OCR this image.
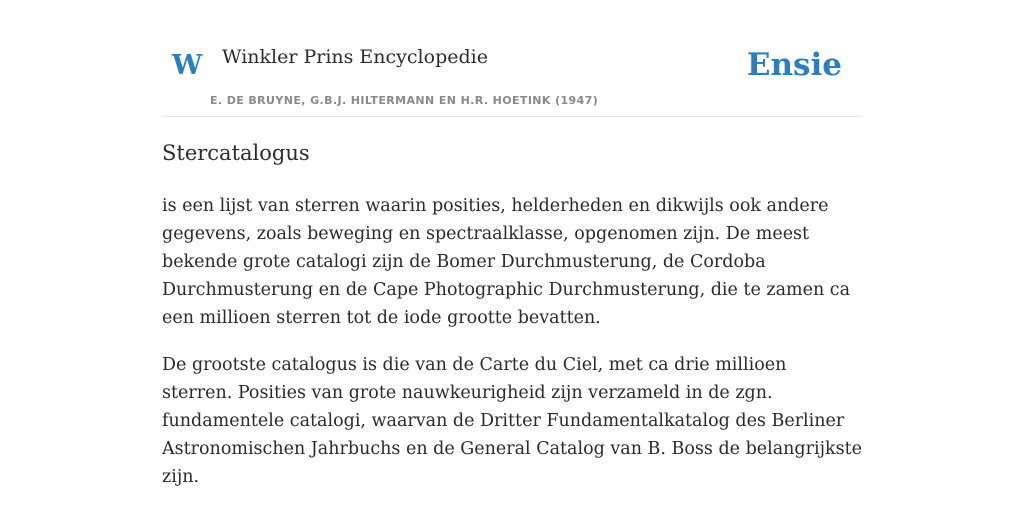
W Winkler Prins Encyclopedie
E. DE BRUYNE, G.B.J. HILTERMANN EN H.R. HOETINK (1947)
Ensie
Stercatalogus

is een lijst van sterren waarin posities, helderheden en dikwijls ook andere gegevens, zoals beweging en spectraalklasse, opgenomen zijn. De meest bekende grote catalogi zijn de Bomer Durchmusterung, de Cordoba Durchmusterung en de Cape Photographic Durchmusterung, die te zamen ca een millioen sterren tot de iode grootte bevatten.

De grootste catalogus is die van de Carte du Ciel, met ca drie millioen sterren. Posities van grote nauwkeurigheid zijn verzameld in de zgn. fundamentele catalogi, waarvan de Dritter Fundamentalkatalog des Berliner Astronomischen Jahrbuchs en de General Catalog van B. Boss de belangrijkste zijn.
